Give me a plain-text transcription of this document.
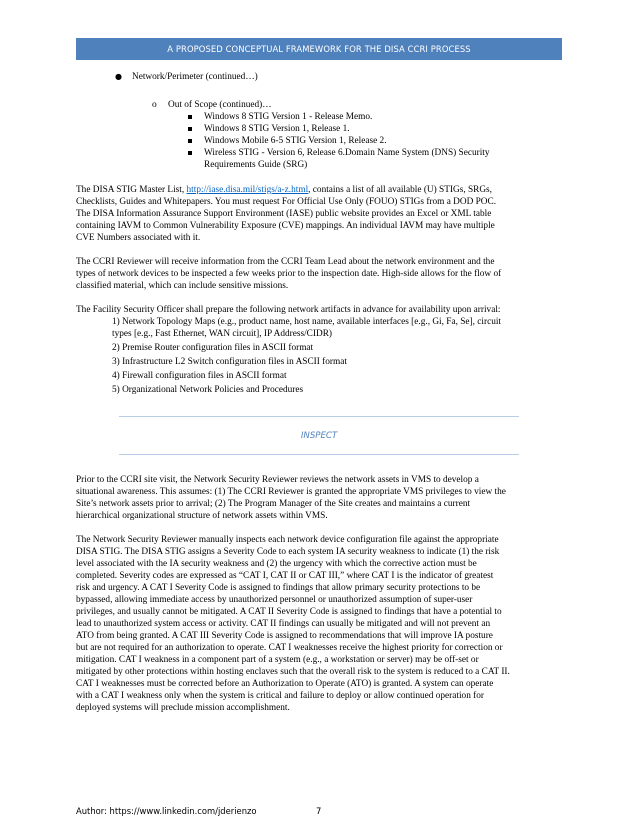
A PROPOSED CONCEPTUAL FRAMEWORK FOR THE DISA CCRI PROCESS
● Network/Perimeter (continued…)
o Out of Scope (continued)…
Windows 8 STIG Version 1 - Release Memo.
Windows 8 STIG Version 1, Release 1.
Windows Mobile 6-5 STIG Version 1, Release 2.
Wireless STIG - Version 6, Release 6.Domain Name System (DNS) Security
Requirements Guide (SRG)
The DISA STIG Master List, http://iase.disa.mil/stigs/a-z.html, contains a list of all available (U) STIGs, SRGs,
Checklists, Guides and Whitepapers. You must request For Official Use Only (FOUO) STIGs from a DOD POC.
The DISA Information Assurance Support Environment (IASE) public website provides an Excel or XML table
containing IAVM to Common Vulnerability Exposure (CVE) mappings. An individual IAVM may have multiple
CVE Numbers associated with it.
The CCRI Reviewer will receive information from the CCRI Team Lead about the network environment and the
types of network devices to be inspected a few weeks prior to the inspection date. High-side allows for the flow of
classified material, which can include sensitive missions.
The Facility Security Officer shall prepare the following network artifacts in advance for availability upon arrival:
1) Network Topology Maps (e.g., product name, host name, available interfaces [e.g., Gi, Fa, Se], circuit
types [e.g., Fast Ethernet, WAN circuit], IP Address/CIDR)
2) Premise Router configuration files in ASCII format
3) Infrastructure L2 Switch configuration files in ASCII format
4) Firewall configuration files in ASCII format
5) Organizational Network Policies and Procedures
INSPECT
Prior to the CCRI site visit, the Network Security Reviewer reviews the network assets in VMS to develop a
situational awareness. This assumes: (1) The CCRI Reviewer is granted the appropriate VMS privileges to view the
Site’s network assets prior to arrival; (2) The Program Manager of the Site creates and maintains a current
hierarchical organizational structure of network assets within VMS.
The Network Security Reviewer manually inspects each network device configuration file against the appropriate
DISA STIG. The DISA STIG assigns a Severity Code to each system IA security weakness to indicate (1) the risk
level associated with the IA security weakness and (2) the urgency with which the corrective action must be
completed. Severity codes are expressed as “CAT I, CAT II or CAT III,” where CAT I is the indicator of greatest
risk and urgency. A CAT I Severity Code is assigned to findings that allow primary security protections to be
bypassed, allowing immediate access by unauthorized personnel or unauthorized assumption of super-user
privileges, and usually cannot be mitigated. A CAT II Severity Code is assigned to findings that have a potential to
lead to unauthorized system access or activity. CAT II findings can usually be mitigated and will not prevent an
ATO from being granted. A CAT III Severity Code is assigned to recommendations that will improve IA posture
but are not required for an authorization to operate. CAT I weaknesses receive the highest priority for correction or
mitigation. CAT I weakness in a component part of a system (e.g., a workstation or server) may be off-set or
mitigated by other protections within hosting enclaves such that the overall risk to the system is reduced to a CAT II.
CAT I weaknesses must be corrected before an Authorization to Operate (ATO) is granted. A system can operate
with a CAT I weakness only when the system is critical and failure to deploy or allow continued operation for
deployed systems will preclude mission accomplishment.
Author: https://www.linkedin.com/jderienzo	7
